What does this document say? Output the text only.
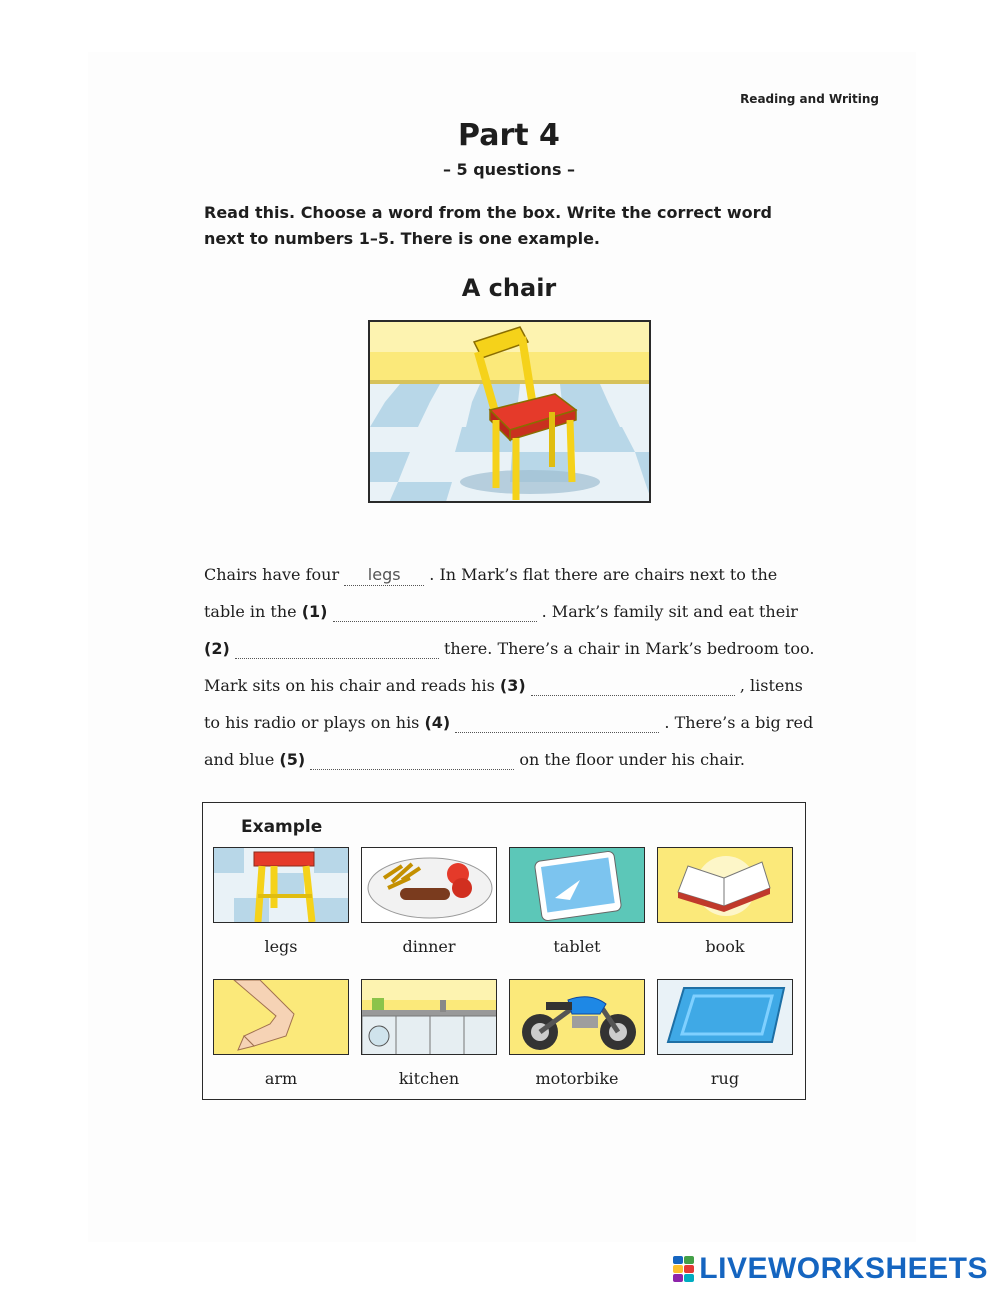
Reading and Writing
Part 4
– 5 questions –
Read this. Choose a word from the box. Write the correct word next to numbers 1–5. There is one example.
A chair
Chairs have four legs . In Mark’s flat there are chairs next to the
table in the (1)	. Mark’s family sit and eat their
(2)	there. There’s a chair in Mark’s bedroom too.
Mark sits on his chair and reads his (3)	, listens
to his radio or plays on his (4)	. There’s a big red
and blue (5)	on the floor under his chair.
Example
legs	dinner	tablet	book
arm	kitchen	motorbike	rug
LIVEWORKSHEETS
